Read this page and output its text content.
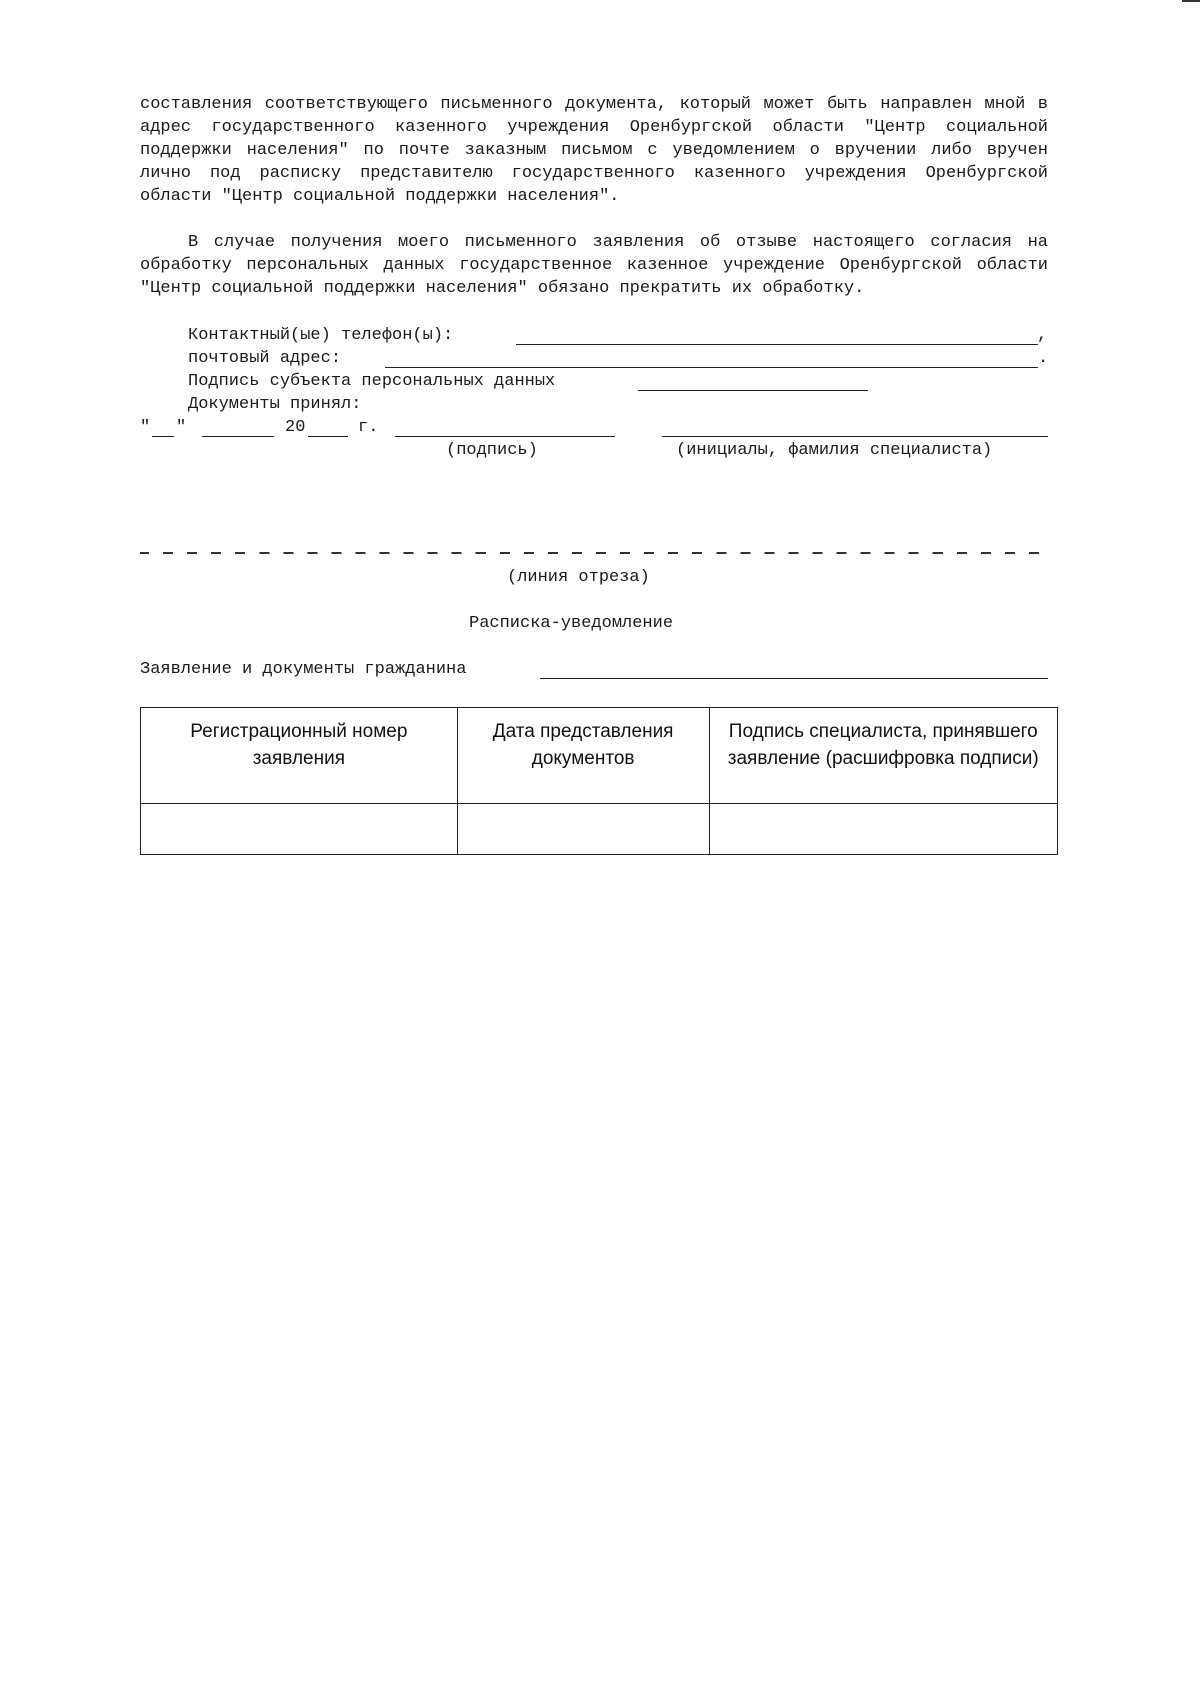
составления соответствующего письменного документа, который может быть направлен мной в адрес государственного казенного учреждения Оренбургской области "Центр социальной поддержки населения" по почте заказным письмом с уведомлением о вручении либо вручен лично под расписку представителю государственного казенного учреждения Оренбургской области "Центр социальной поддержки населения".
В случае получения моего письменного заявления об отзыве настоящего согласия на обработку персональных данных государственное казенное учреждение Оренбургской области "Центр социальной поддержки населения" обязано прекратить их обработку.
Контактный(ые) телефон(ы):	,
почтовый адрес:	.
Подпись субъекта персональных данных
Документы принял:
" "	20	г.
(подпись)	(инициалы, фамилия специалиста)
(линия отреза)
Расписка-уведомление
Заявление и документы гражданина
Регистрационный номер заявления	Дата представления документов	Подпись специалиста, принявшего заявление (расшифровка подписи)
